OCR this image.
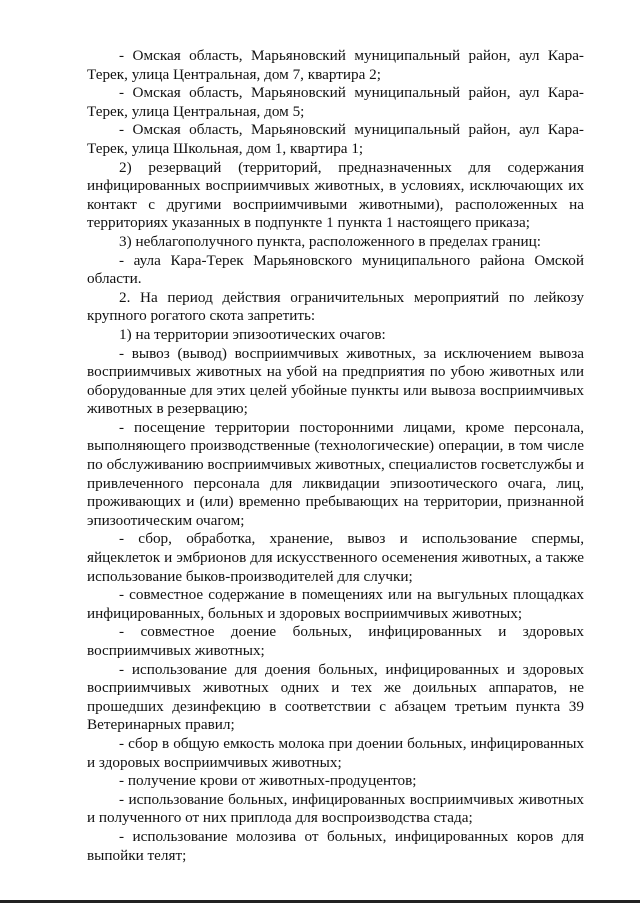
- Омская область, Марьяновский муниципальный район, аул Кара-Терек, улица Центральная, дом 7, квартира 2;

- Омская область, Марьяновский муниципальный район, аул Кара-Терек, улица Центральная, дом 5;

- Омская область, Марьяновский муниципальный район, аул Кара-Терек, улица Школьная, дом 1, квартира 1;

2) резерваций (территорий, предназначенных для содержания инфицированных восприимчивых животных, в условиях, исключающих их контакт с другими восприимчивыми животными), расположенных на территориях указанных в подпункте 1 пункта 1 настоящего приказа;

3) неблагополучного пункта, расположенного в пределах границ:

- аула Кара-Терек Марьяновского муниципального района Омской области.

2. На период действия ограничительных мероприятий по лейкозу крупного рогатого скота запретить:

1) на территории эпизоотических очагов:

- вывоз (вывод) восприимчивых животных, за исключением вывоза восприимчивых животных на убой на предприятия по убою животных или оборудованные для этих целей убойные пункты или вывоза восприимчивых животных в резервацию;

- посещение территории посторонними лицами, кроме персонала, выполняющего производственные (технологические) операции, в том числе по обслуживанию восприимчивых животных, специалистов госветслужбы и привлеченного персонала для ликвидации эпизоотического очага, лиц, проживающих и (или) временно пребывающих на территории, признанной эпизоотическим очагом;

- сбор, обработка, хранение, вывоз и использование спермы, яйцеклеток и эмбрионов для искусственного осеменения животных, а также использование быков-производителей для случки;

- совместное содержание в помещениях или на выгульных площадках инфицированных, больных и здоровых восприимчивых животных;

- совместное доение больных, инфицированных и здоровых восприимчивых животных;

- использование для доения больных, инфицированных и здоровых восприимчивых животных одних и тех же доильных аппаратов, не прошедших дезинфекцию в соответствии с абзацем третьим пункта 39 Ветеринарных правил;

- сбор в общую емкость молока при доении больных, инфицированных и здоровых восприимчивых животных;

- получение крови от животных-продуцентов;

- использование больных, инфицированных восприимчивых животных и полученного от них приплода для воспроизводства стада;

- использование молозива от больных, инфицированных коров для выпойки телят;
